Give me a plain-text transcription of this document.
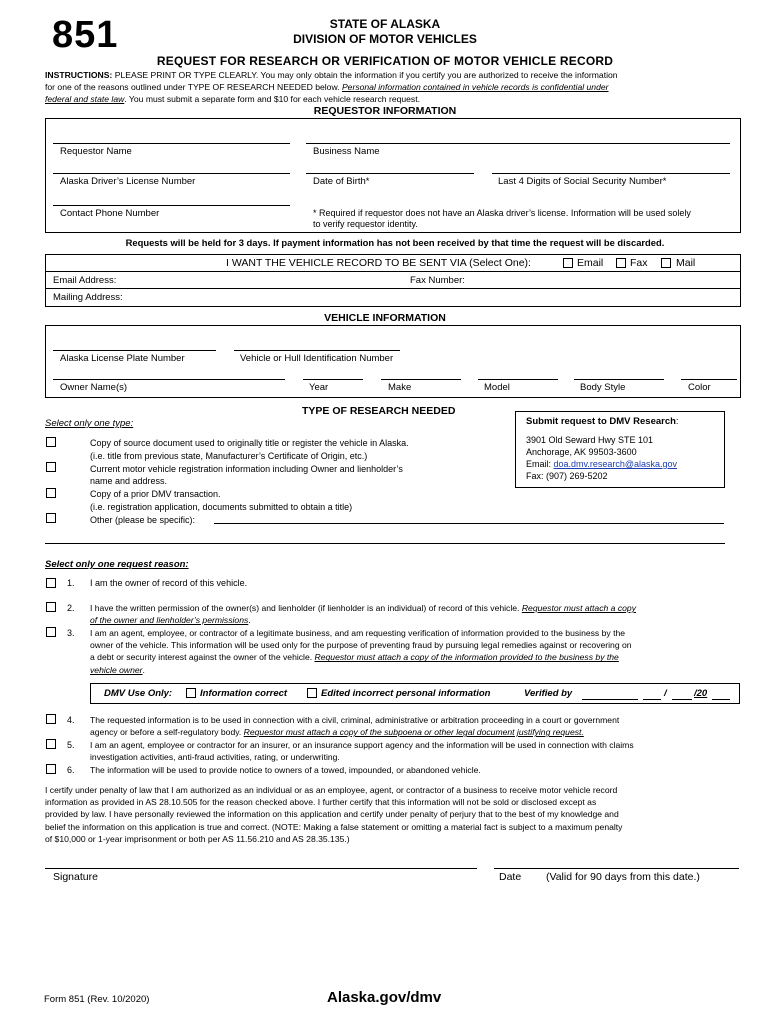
851	STATE OF ALASKA
DIVISION OF MOTOR VEHICLES
REQUEST FOR RESEARCH OR VERIFICATION OF MOTOR VEHICLE RECORD
INSTRUCTIONS: PLEASE PRINT OR TYPE CLEARLY. You may only obtain the information if you certify you are authorized to receive the information
for one of the reasons outlined under TYPE OF RESEARCH NEEDED below. Personal information contained in vehicle records is confidential under
federal and state law. You must submit a separate form and $10 for each vehicle research request.
REQUESTOR INFORMATION
Requestor Name	Business Name
Alaska Driver’s License Number	Date of Birth*	Last 4 Digits of Social Security Number*
Contact Phone Number	* Required if requestor does not have an Alaska driver’s license. Information will be used solely
to verify requestor identity.
Requests will be held for 3 days. If payment information has not been received by that time the request will be discarded.
I WANT THE VEHICLE RECORD TO BE SENT VIA (Select One):	Email	Fax	Mail
Email Address:	Fax Number:
Mailing Address:
VEHICLE INFORMATION
Alaska License Plate Number	Vehicle or Hull Identification Number
Owner Name(s)	Year	Make	Model	Body Style	Color
TYPE OF RESEARCH NEEDED
Select only one type:
Copy of source document used to originally title or register the vehicle in Alaska.
(i.e. title from previous state, Manufacturer’s Certificate of Origin, etc.)
Current motor vehicle registration information including Owner and lienholder’s
name and address.
Copy of a prior DMV transaction.
(i.e. registration application, documents submitted to obtain a title)
Other (please be specific):
Submit request to DMV Research:
3901 Old Seward Hwy STE 101
Anchorage, AK 99503-3600
Email: doa.dmv.research@alaska.gov
Fax: (907) 269-5202
Select only one request reason:
1. I am the owner of record of this vehicle.
2. I have the written permission of the owner(s) and lienholder (if lienholder is an individual) of record of this vehicle. Requestor must attach a copy
of the owner and lienholder’s permissions.
3. I am an agent, employee, or contractor of a legitimate business, and am requesting verification of information provided to the business by the
owner of the vehicle. This information will be used only for the purpose of preventing fraud by pursuing legal remedies against or recovering on
a debt or security interest against the owner of the vehicle. Requestor must attach a copy of the information provided to the business by the
vehicle owner.
DMV Use Only:	Information correct	Edited incorrect personal information	Verified by	/	/20
4. The requested information is to be used in connection with a civil, criminal, administrative or arbitration proceeding in a court or government
agency or before a self-regulatory body. Requestor must attach a copy of the subpoena or other legal document justifying request.
5. I am an agent, employee or contractor for an insurer, or an insurance support agency and the information will be used in connection with claims
investigation activities, anti-fraud activities, rating, or underwriting.
6. The information will be used to provide notice to owners of a towed, impounded, or abandoned vehicle.
I certify under penalty of law that I am authorized as an individual or as an employee, agent, or contractor of a business to receive motor vehicle record
information as provided in AS 28.10.505 for the reason checked above. I further certify that this information will not be sold or disclosed except as
provided by law. I have personally reviewed the information on this application and certify under penalty of perjury that to the best of my knowledge and
belief the information on this application is true and correct. (NOTE: Making a false statement or omitting a material fact is subject to a maximum penalty
of $10,000 or 1-year imprisonment or both per AS 11.56.210 and AS 28.35.135.)
Signature	Date (Valid for 90 days from this date.)
Form 851 (Rev. 10/2020)	Alaska.gov/dmv
